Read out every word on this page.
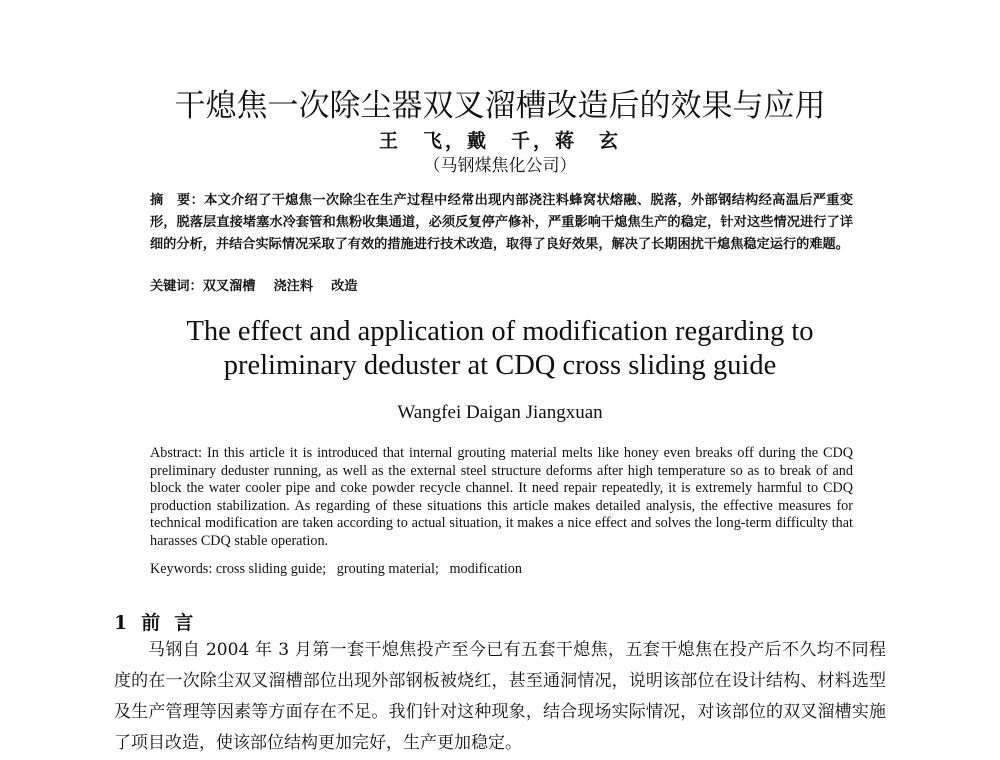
干熄焦一次除尘器双叉溜槽改造后的效果与应用
王　飞，戴　千，蒋　玄
（马钢煤焦化公司）
摘　要：本文介绍了干熄焦一次除尘在生产过程中经常出现内部浇注料蜂窝状熔融、脱落，外部钢结构经高温后严重变形，脱落层直接堵塞水冷套管和焦粉收集通道，必须反复停产修补，严重影响干熄焦生产的稳定，针对这些情况进行了详细的分析，并结合实际情况采取了有效的措施进行技术改造，取得了良好效果，解决了长期困扰干熄焦稳定运行的难题。
关键词：双叉溜槽 浇注料 改造
The effect and application of modification regarding to
preliminary deduster at CDQ cross sliding guide
Wangfei Daigan Jiangxuan
Abstract: In this article it is introduced that internal grouting material melts like honey even breaks off during the CDQ preliminary deduster running, as well as the external steel structure deforms after high temperature so as to break of and block the water cooler pipe and coke powder recycle channel. It need repair repeatedly, it is extremely harmful to CDQ production stabilization. As regarding of these situations this article makes detailed analysis, the effective measures for technical modification are taken according to actual situation, it makes a nice effect and solves the long-term difficulty that harasses CDQ stable operation.
Keywords: cross sliding guide; grouting material; modification
1 前言
马钢自 2004 年 3 月第一套干熄焦投产至今已有五套干熄焦，五套干熄焦在投产后不久均不同程度的在一次除尘双叉溜槽部位出现外部钢板被烧红，甚至通洞情况，说明该部位在设计结构、材料选型及生产管理等因素等方面存在不足。我们针对这种现象，结合现场实际情况，对该部位的双叉溜槽实施了项目改造，使该部位结构更加完好，生产更加稳定。
